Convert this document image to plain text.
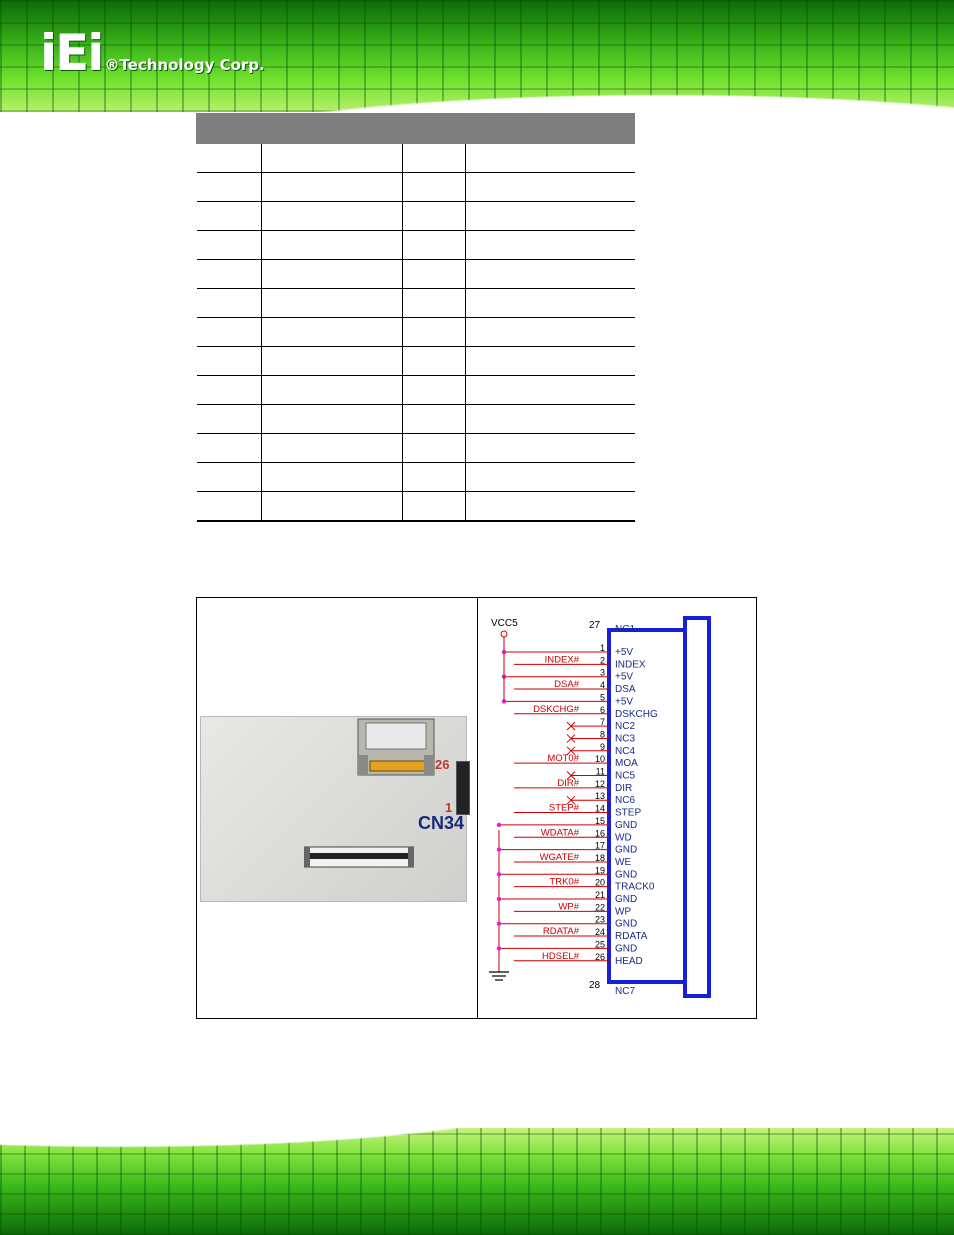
iEi ®Technology Corp.

26
1
CN34
VCC5	27 NC1
28
NC7
1 +5V
2 INDEX
INDEX#
3 +5V
4 DSA
DSA#
5 +5V
6 DSKCHG
DSKCHG#
7 NC2
8 NC3
9 NC4
10 MOA
MOT0#
11 NC5
12 DIR
DIR#
13 NC6
14 STEP
STEP#
15 GND
16 WD
WDATA#
17 GND
18 WE
WGATE#
19 GND
20 TRACK0
TRK0#
21 GND
22 WP
WP#
23 GND
24 RDATA
RDATA#
25 GND
26 HEAD
HDSEL#
